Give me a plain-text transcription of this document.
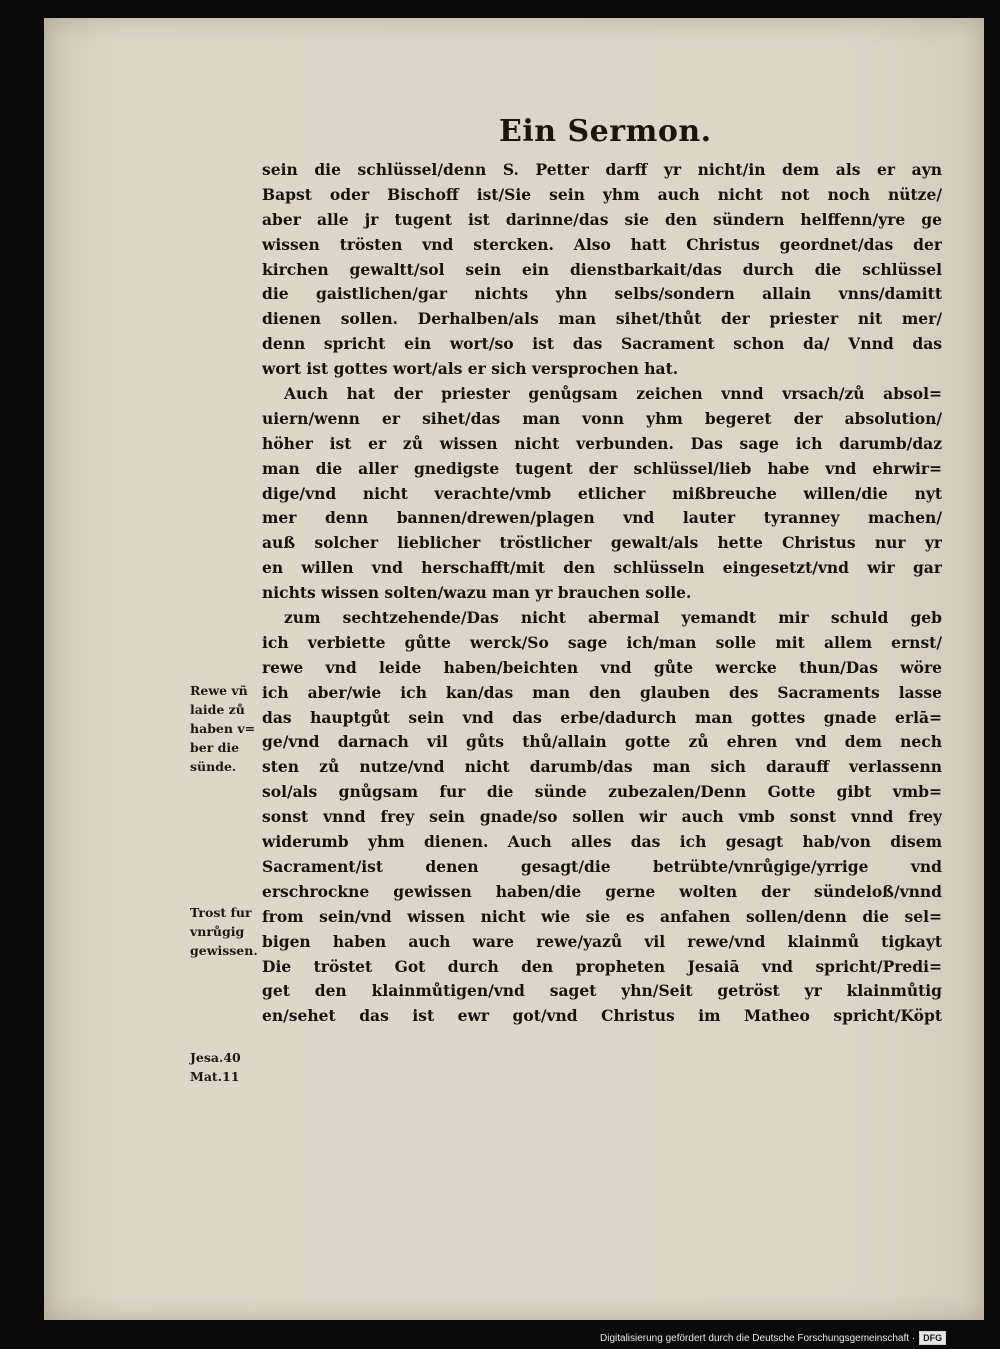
Ein Sermon.
sein die schlüssel/denn S. Petter darff yr nicht/in dem als er ayn
Bapst oder Bischoff ist/Sie sein yhm auch nicht not noch nütze/
aber alle jr tugent ist darinne/das sie den sündern helffenn/yre ge
wissen trösten vnd stercken. Also hatt Christus geordnet/das der
kirchen gewaltt/sol sein ein dienstbarkait/das durch die schlüssel
die gaistlichen/gar nichts yhn selbs/sondern allain vnns/damitt
dienen sollen. Derhalben/als man sihet/thůt der priester nit mer/
denn spricht ein wort/so ist das Sacrament schon da/ Vnnd das
wort ist gottes wort/als er sich versprochen hat.
Auch hat der priester genůgsam zeichen vnnd vrsach/zů absol=
uiern/wenn er sihet/das man vonn yhm begeret der absolution/
höher ist er zů wissen nicht verbunden. Das sage ich darumb/daz
man die aller gnedigste tugent der schlüssel/lieb habe vnd ehrwir=
dige/vnd nicht verachte/vmb etlicher mißbreuche willen/die nyt
mer denn bannen/drewen/plagen vnd lauter tyranney machen/
auß solcher lieblicher tröstlicher gewalt/als hette Christus nur yr
en willen vnd herschafft/mit den schlüsseln eingesetzt/vnd wir gar
nichts wissen solten/wazu man yr brauchen solle.
zum sechtzehende/Das nicht abermal yemandt mir schuld geb
ich verbiette gůtte werck/So sage ich/man solle mit allem ernst/
rewe vnd leide haben/beichten vnd gůte wercke thun/Das wöre
ich aber/wie ich kan/das man den glauben des Sacraments lasse
das hauptgůt sein vnd das erbe/dadurch man gottes gnade erlā=
ge/vnd darnach vil gůts thů/allain gotte zů ehren vnd dem nech
sten zů nutze/vnd nicht darumb/das man sich darauff verlassenn
sol/als gnůgsam fur die sünde zubezalen/Denn Gotte gibt vmb=
sonst vnnd frey sein gnade/so sollen wir auch vmb sonst vnnd frey
widerumb yhm dienen. Auch alles das ich gesagt hab/von disem
Sacrament/ist denen gesagt/die betrübte/vnrůgige/yrrige vnd
erschrockne gewissen haben/die gerne wolten der sündeloß/vnnd
from sein/vnd wissen nicht wie sie es anfahen sollen/denn die sel=
bigen haben auch ware rewe/yazů vil rewe/vnd klainmů tigkayt
Die tröstet Got durch den propheten Jesaiā vnd spricht/Predi=
get den klainmůtigen/vnd saget yhn/Seit getröst yr klainmůtig
en/sehet das ist ewr got/vnd Christus im Matheo spricht/Köpt
Rewe vñ
laide zů
haben v=
ber die
sünde.
Trost fur
vnrůgig
gewissen.
Jesa.40
Mat.11
Digitalisierung gefördert durch die Deutsche Forschungsgemeinschaft · DFG
